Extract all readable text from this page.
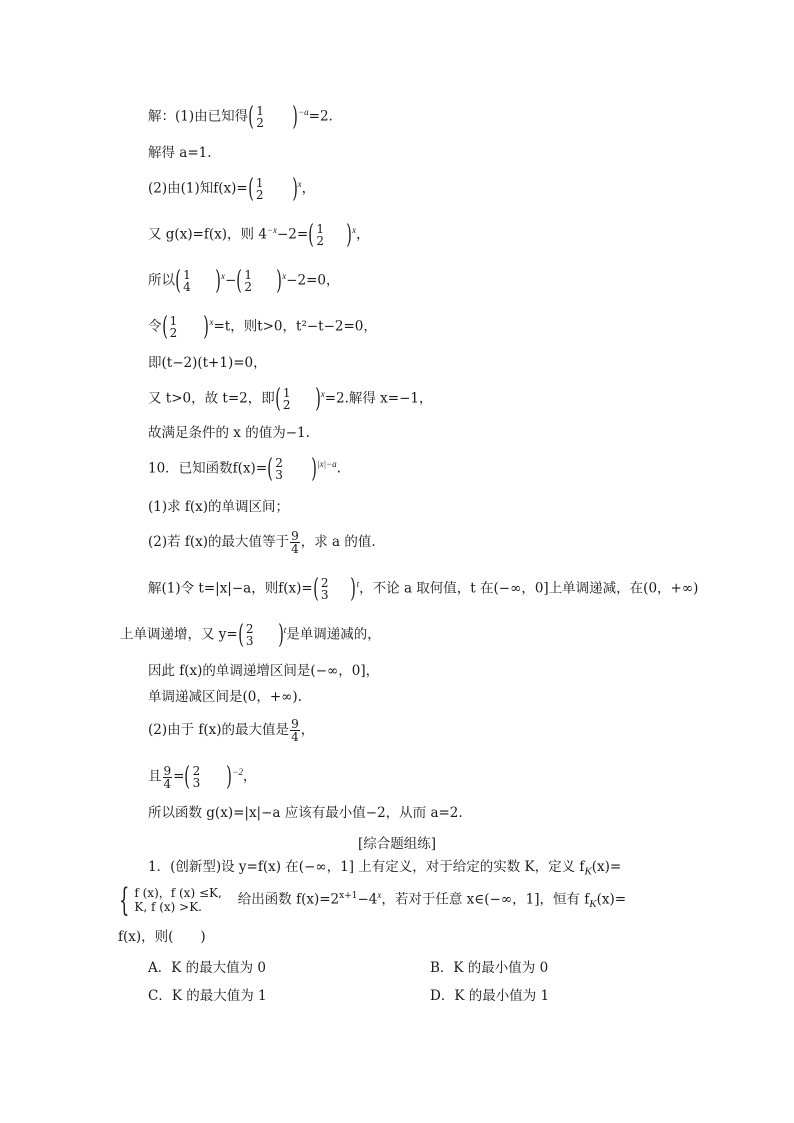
解：(1)由已知得( 1
2 )$^{-a}$=2.
解得 a=1.
(2)由(1)知f(x)=( 1
2 )$^x$，
又 g(x)=f(x)，则 $4^{-x}-2=$( 1
2 )$^x$，
所以( 1
4 )$^x$−( 1
2 )$^x$−2=0，
令( 1
2 )$^x$=t，则t>0，t²−t−2=0，
即(t−2)(t+1)=0，
又 t>0，故 t=2，即( 1
2 )$^x$=2.解得 x=−1，
故满足条件的 x 的值为−1.
10．已知函数f(x)=( 2
3 )$^{|x|-a}$.
(1)求 f(x)的单调区间；
(2)若 f(x)的最大值等于 $\frac{9}{4}$ ，求 a 的值.
解(1)令 t=|x|−a，则f(x)=( 2
3 )$^t$，不论 a 取何值，t 在(−∞，0]上单调递减，在(0，+∞)
上单调递增，又 y=( 2
3 )$^t$是单调递减的，
因此 f(x)的单调递增区间是(−∞，0]，
单调递减区间是(0，+∞).
(2)由于 f(x)的最大值是 $\frac{9}{4}$ ，
且 $\frac{9}{4}$ =( 2
3 )$^{-2}$，
所以函数 g(x)=|x|−a 应该有最小值−2，从而 a=2.
[综合题组练]
1．(创新型)设 y=f(x) 在(−∞，1] 上有定义，对于给定的实数 K，定义 $f_K(x)=$
{ f (x)，f (x) ≤K,
K, f (x) >K.	给出函数 $f(x)=2^{x+1}-4^x$，若对于任意 x∈(−∞，1]，恒有 $f_K(x)=$
f(x)，则(　　)
A．K 的最大值为 0	B．K 的最小值为 0
C．K 的最大值为 1	D．K 的最小值为 1
